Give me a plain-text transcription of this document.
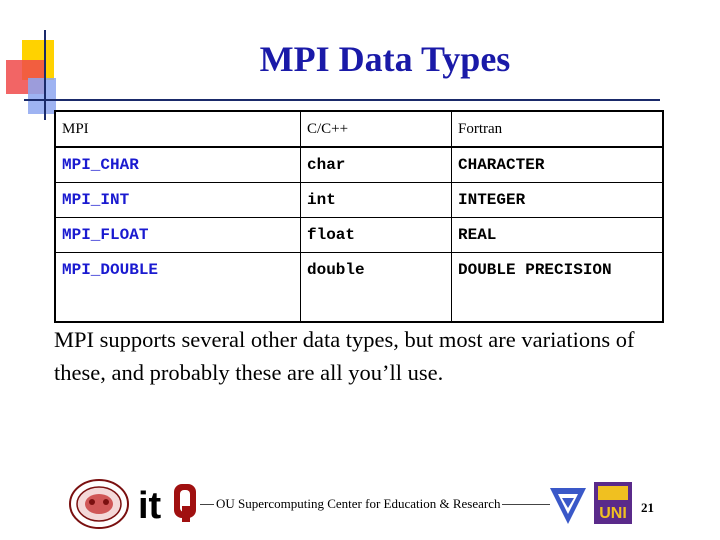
MPI Data Types
MPI	C/C++	Fortran
MPI_CHAR	char	CHARACTER
MPI_INT	int	INTEGER
MPI_FLOAT	float	REAL
MPI_DOUBLE	double	DOUBLE PRECISION
MPI supports several other data types, but most are variations of these, and probably these are all you’ll use.
it	OU Supercomputing Center for Education & Research
UNI 21
